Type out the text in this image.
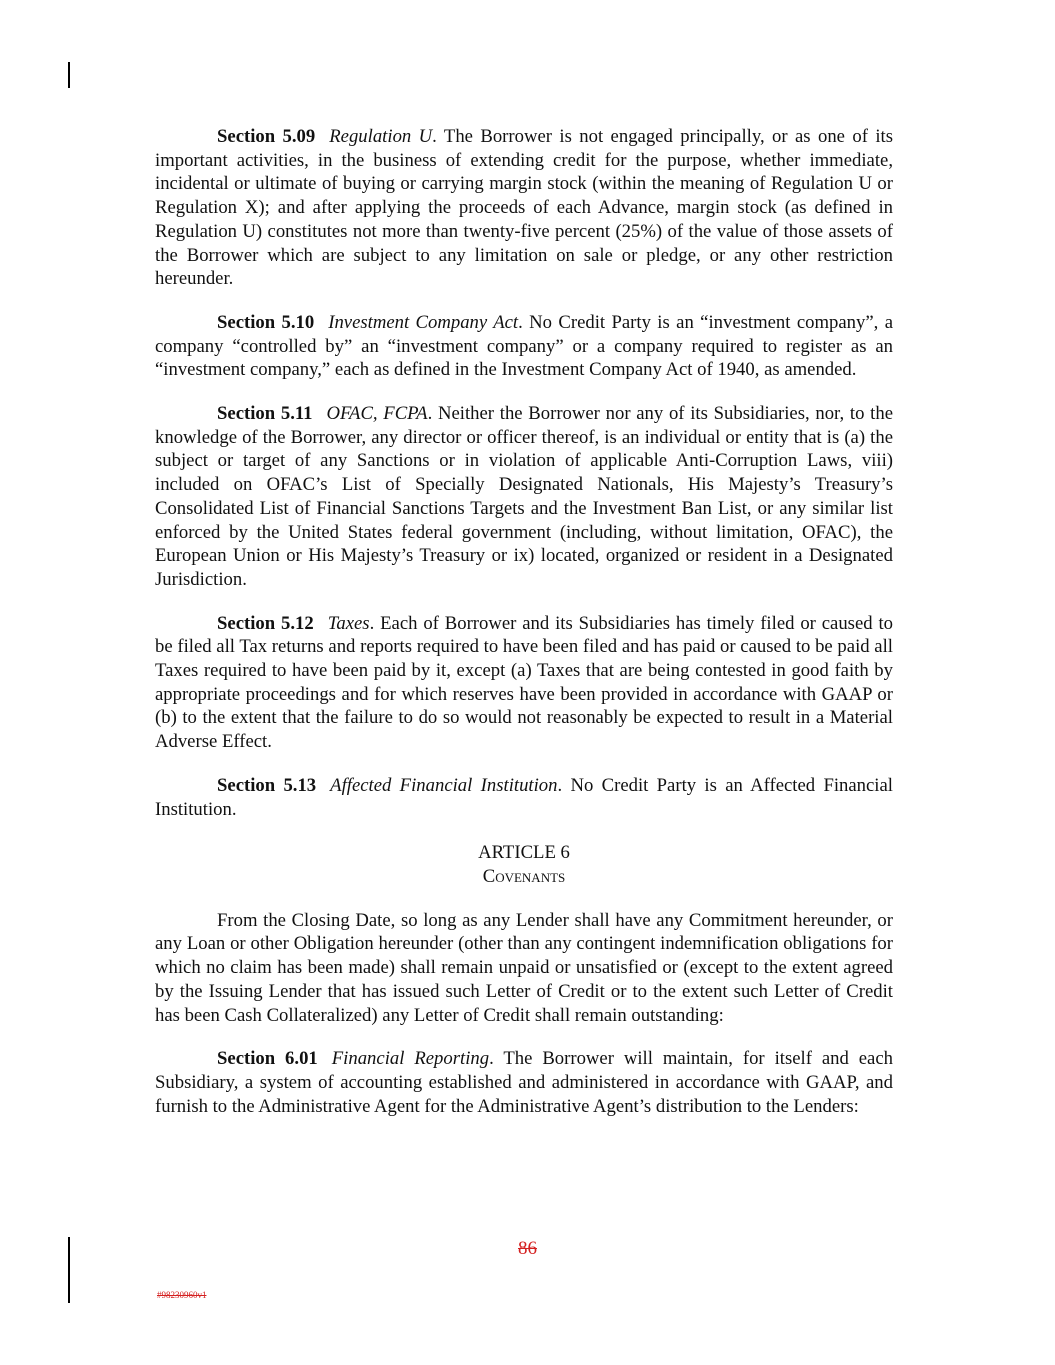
Section 5.09 Regulation U. The Borrower is not engaged principally, or as one of its important activities, in the business of extending credit for the purpose, whether immediate, incidental or ultimate of buying or carrying margin stock (within the meaning of Regulation U or Regulation X); and after applying the proceeds of each Advance, margin stock (as defined in Regulation U) constitutes not more than twenty-five percent (25%) of the value of those assets of the Borrower which are subject to any limitation on sale or pledge, or any other restriction hereunder.

Section 5.10 Investment Company Act. No Credit Party is an “investment company”, a company “controlled by” an “investment company” or a company required to register as an “investment company,” each as defined in the Investment Company Act of 1940, as amended.

Section 5.11 OFAC, FCPA. Neither the Borrower nor any of its Subsidiaries, nor, to the knowledge of the Borrower, any director or officer thereof, is an individual or entity that is (a) the subject or target of any Sanctions or in violation of applicable Anti-Corruption Laws, viii) included on OFAC’s List of Specially Designated Nationals, His Majesty’s Treasury’s Consolidated List of Financial Sanctions Targets and the Investment Ban List, or any similar list enforced by the United States federal government (including, without limitation, OFAC), the European Union or His Majesty’s Treasury or ix) located, organized or resident in a Designated Jurisdiction.

Section 5.12 Taxes. Each of Borrower and its Subsidiaries has timely filed or caused to be filed all Tax returns and reports required to have been filed and has paid or caused to be paid all Taxes required to have been paid by it, except (a) Taxes that are being contested in good faith by appropriate proceedings and for which reserves have been provided in accordance with GAAP or (b) to the extent that the failure to do so would not reasonably be expected to result in a Material Adverse Effect.

Section 5.13 Affected Financial Institution. No Credit Party is an Affected Financial Institution.

ARTICLE 6

Covenants

From the Closing Date, so long as any Lender shall have any Commitment hereunder, or any Loan or other Obligation hereunder (other than any contingent indemnification obligations for which no claim has been made) shall remain unpaid or unsatisfied or (except to the extent agreed by the Issuing Lender that has issued such Letter of Credit or to the extent such Letter of Credit has been Cash Collateralized) any Letter of Credit shall remain outstanding:

Section 6.01 Financial Reporting. The Borrower will maintain, for itself and each Subsidiary, a system of accounting established and administered in accordance with GAAP, and furnish to the Administrative Agent for the Administrative Agent’s distribution to the Lenders:

86
#98230960v1
